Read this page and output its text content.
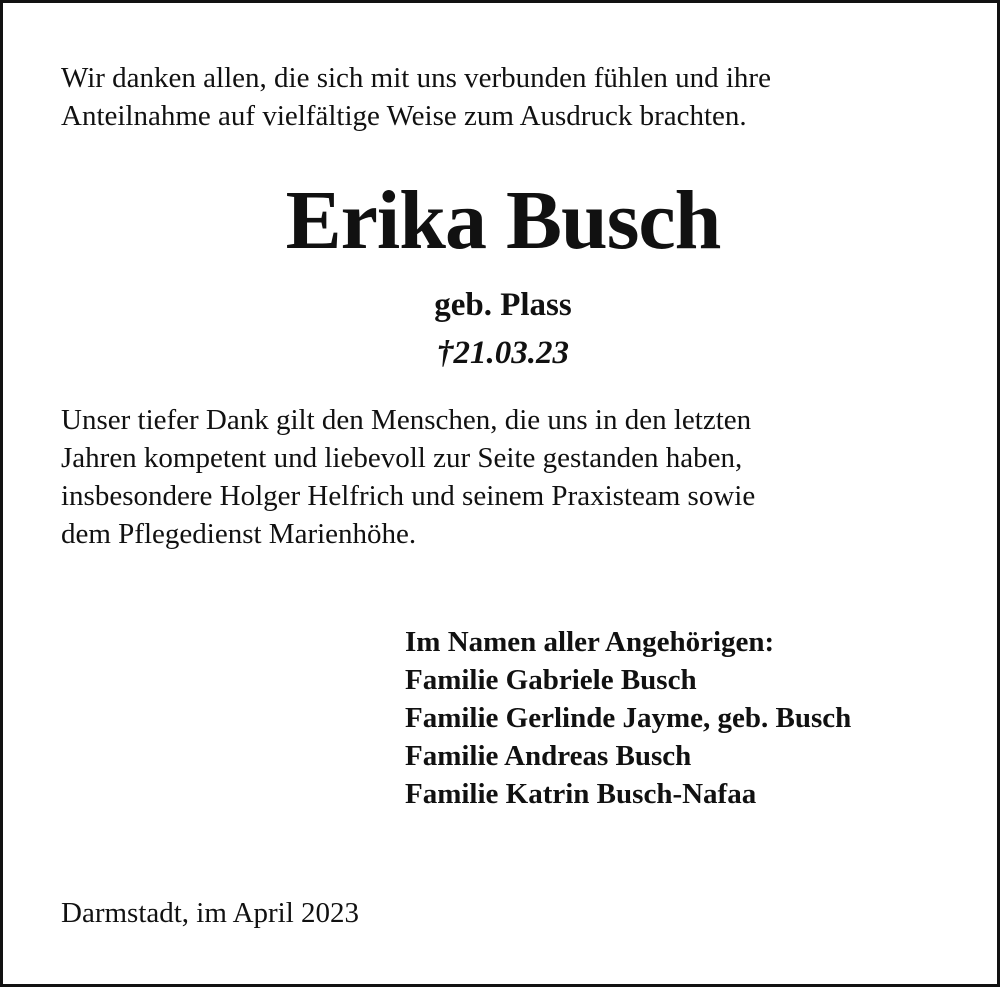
Wir danken allen, die sich mit uns verbunden fühlen und ihre
Anteilnahme auf vielfältige Weise zum Ausdruck brachten.

Erika Busch
geb. Plass
†21.03.23

Unser tiefer Dank gilt den Menschen, die uns in den letzten
Jahren kompetent und liebevoll zur Seite gestanden haben,
insbesondere Holger Helfrich und seinem Praxisteam sowie
dem Pflegedienst Marienhöhe.

Im Namen aller Angehörigen:
Familie Gabriele Busch
Familie Gerlinde Jayme, geb. Busch
Familie Andreas Busch
Familie Katrin Busch-Nafaa
Darmstadt, im April 2023
